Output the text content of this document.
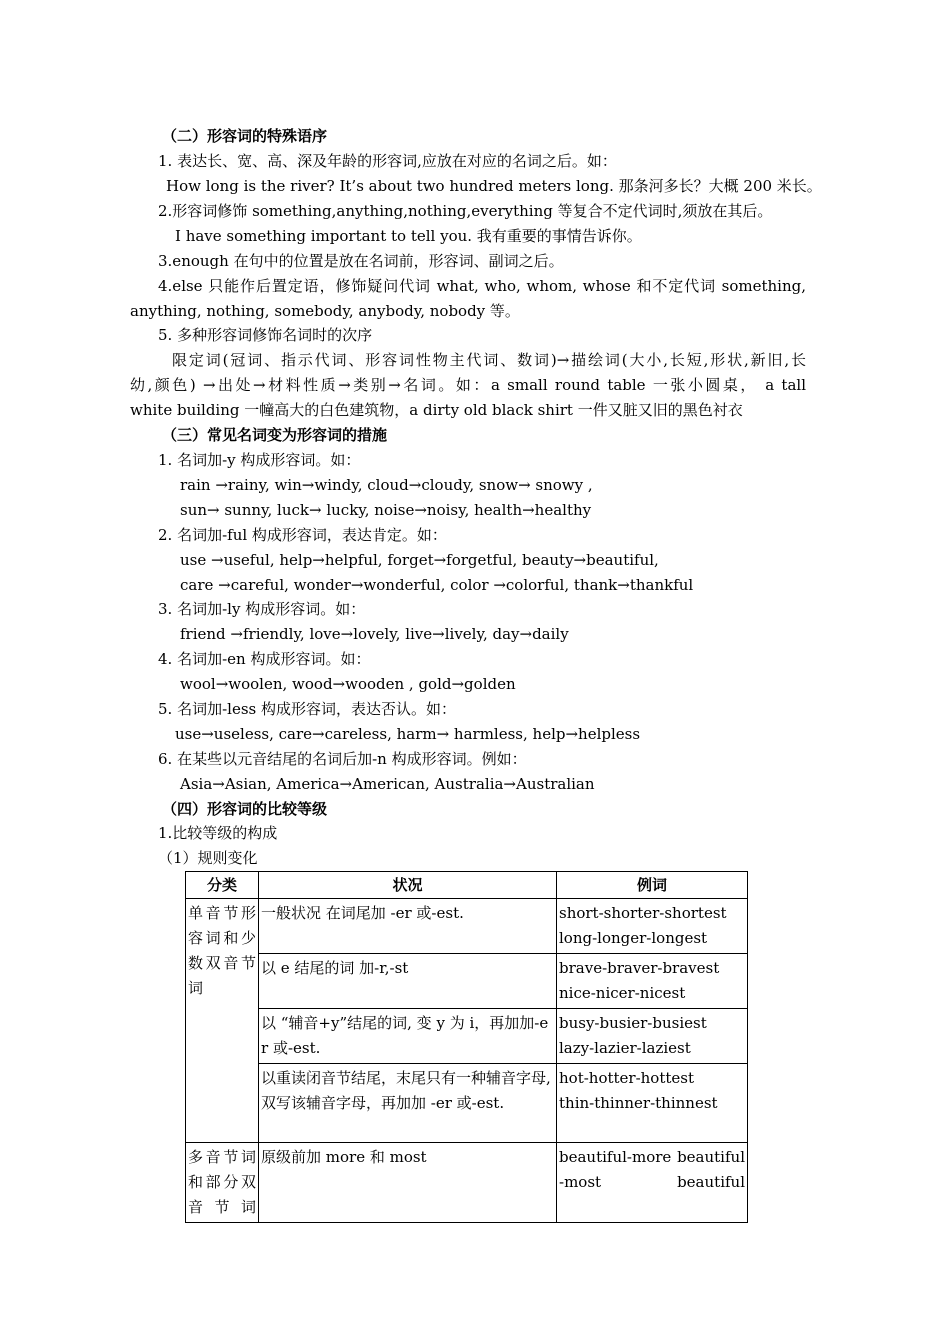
（二）形容词的特殊语序
1. 表达长、宽、高、深及年龄的形容词,应放在对应的名词之后。如：
How long is the river? It’s about two hundred meters long. 那条河多长？大概 200 米长。
2.形容词修饰 something,anything,nothing,everything 等复合不定代词时,须放在其后。
I have something important to tell you. 我有重要的事情告诉你。
3.enough 在句中的位置是放在名词前，形容词、副词之后。
4.else 只能作后置定语，修饰疑问代词 what, who, whom, whose 和不定代词 something,
anything, nothing, somebody, anybody, nobody 等。
5. 多种形容词修饰名词时的次序
限定词(冠词、指示代词、形容词性物主代词、数词)→描绘词(大小,长短,形状,新旧,长
幼,颜色) →出处→材料性质→类别→名词。如：a small round table 一张小圆桌， a tall
white building 一幢高大的白色建筑物，a dirty old black shirt 一件又脏又旧的黑色衬衣
（三）常见名词变为形容词的措施
1. 名词加-y 构成形容词。如：
rain →rainy, win→windy, cloud→cloudy, snow→ snowy ,
sun→ sunny, luck→ lucky, noise→noisy, health→healthy
2. 名词加-ful 构成形容词，表达肯定。如：
use →useful, help→helpful, forget→forgetful, beauty→beautiful,
care →careful, wonder→wonderful, color →colorful, thank→thankful
3. 名词加-ly 构成形容词。如：
friend →friendly, love→lovely, live→lively, day→daily
4. 名词加-en 构成形容词。如：
wool→woolen, wood→wooden , gold→golden
5. 名词加-less 构成形容词，表达否认。如：
use→useless, care→careless, harm→ harmless, help→helpless
6. 在某些以元音结尾的名词后加-n 构成形容词。例如：
Asia→Asian, America→American, Australia→Australian
（四）形容词的比较等级
1.比较等级的构成
（1）规则变化
分类	状况	例词
单音节形容词和少数双音节词	一般状况 在词尾加 -er 或-est.	short-shorter-shortest
long-longer-longest

	以 e 结尾的词 加-r,-st	brave-braver-bravest
nice-nicer-nicest

	以 “辅音+y”结尾的词, 变 y 为 i，再加加-er 或-est.	busy-busier-busiest
lazy-lazier-laziest

	以重读闭音节结尾，末尾只有一种辅音字母, 双写该辅音字母，再加加 -er 或-est.	hot-hotter-hottest
thin-thinner-thinnest

多音节词和部分双音节词	原级前加 more 和 most	beautiful-more beautiful-most beautiful
